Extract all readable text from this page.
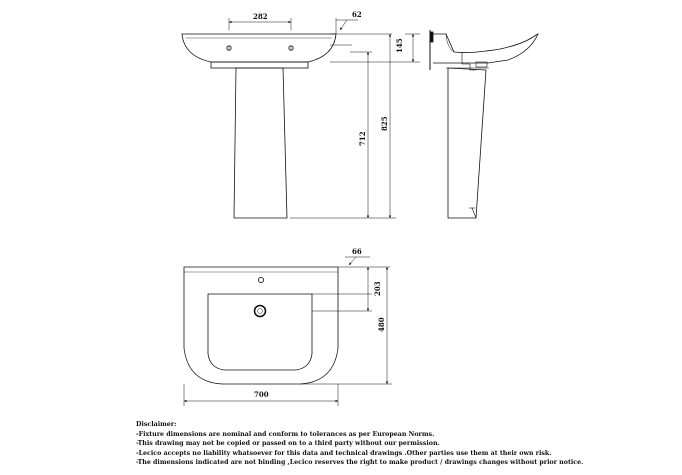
282	62
145
712
825
66
203
480
700
Disclaimer:
-Fixture dimensions are nominal and conform to tolerances as per European Norms.
-This drawing may not be copied or passed on to a third party without our permission.
-Lecico accepts no liability whatsoever for this data and technical drawings .Other parties use them at their own risk.
-The dimensions indicated are not binding ,Lecico reserves the right to make product / drawings changes without prior notice.
